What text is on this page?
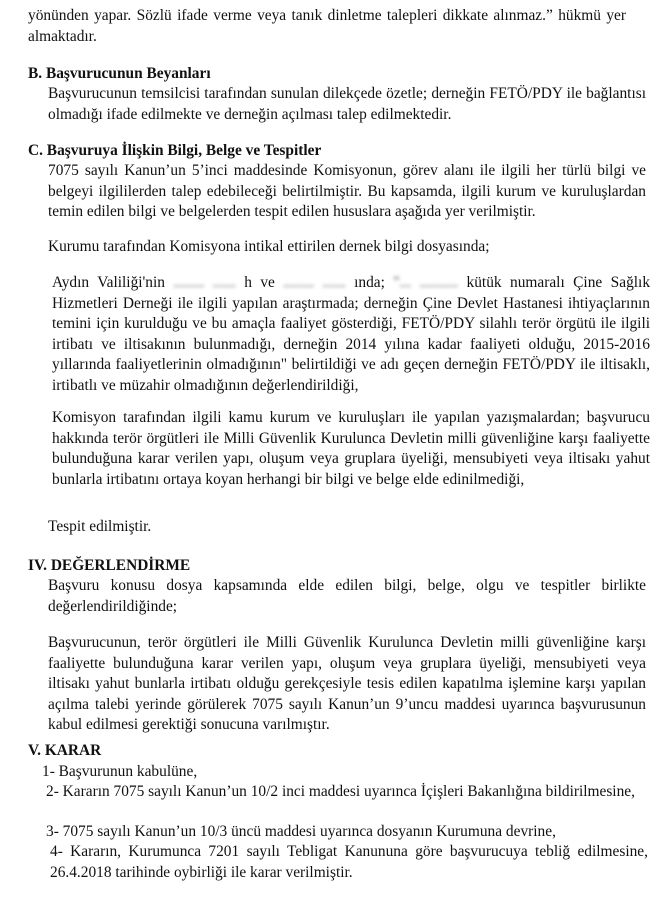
yönünden yapar. Sözlü ifade verme veya tanık dinletme talepleri dikkate alınmaz.” hükmü yer almaktadır.

B. Başvurucunun Beyanları

Başvurucunun temsilcisi tarafından sunulan dilekçede özetle; derneğin FETÖ/PDY ile bağlantısı olmadığı ifade edilmekte ve derneğin açılması talep edilmektedir.

C. Başvuruya İlişkin Bilgi, Belge ve Tespitler

7075 sayılı Kanun’un 5’inci maddesinde Komisyonun, görev alanı ile ilgili her türlü bilgi ve belgeyi ilgililerden talep edebileceği belirtilmiştir. Bu kapsamda, ilgili kurum ve kuruluşlardan temin edilen bilgi ve belgelerden tespit edilen hususlara aşağıda yer verilmiştir.

Kurumu tarafından Komisyona intikal ettirilen dernek bilgi dosyasında;

Aydın Valiliği'nin ........ ...... h ve ........ ...... ında; "... .......... kütük numaralı Çine Sağlık Hizmetleri Derneği ile ilgili yapılan araştırmada; derneğin Çine Devlet Hastanesi ihtiyaçlarının temini için kurulduğu ve bu amaçla faaliyet gösterdiği, FETÖ/PDY silahlı terör örgütü ile ilgili irtibatı ve iltisakının bulunmadığı, derneğin 2014 yılına kadar faaliyeti olduğu, 2015-2016 yıllarında faaliyetlerinin olmadığının" belirtildiği ve adı geçen derneğin FETÖ/PDY ile iltisaklı, irtibatlı ve müzahir olmadığının değerlendirildiği,

Komisyon tarafından ilgili kamu kurum ve kuruluşları ile yapılan yazışmalardan; başvurucu hakkında terör örgütleri ile Milli Güvenlik Kurulunca Devletin milli güvenliğine karşı faaliyette bulunduğuna karar verilen yapı, oluşum veya gruplara üyeliği, mensubiyeti veya iltisakı yahut bunlarla irtibatını ortaya koyan herhangi bir bilgi ve belge elde edinilmediği,

Tespit edilmiştir.

IV. DEĞERLENDİRME

Başvuru konusu dosya kapsamında elde edilen bilgi, belge, olgu ve tespitler birlikte değerlendirildiğinde;

Başvurucunun, terör örgütleri ile Milli Güvenlik Kurulunca Devletin milli güvenliğine karşı faaliyette bulunduğuna karar verilen yapı, oluşum veya gruplara üyeliği, mensubiyeti veya iltisakı yahut bunlarla irtibatı olduğu gerekçesiyle tesis edilen kapatılma işlemine karşı yapılan açılma talebi yerinde görülerek 7075 sayılı Kanun’un 9’uncu maddesi uyarınca başvurusunun kabul edilmesi gerektiği sonucuna varılmıştır.

V. KARAR

1- Başvurunun kabulüne,

2- Kararın 7075 sayılı Kanun’un 10/2 inci maddesi uyarınca İçişleri Bakanlığına bildirilmesine,

3- 7075 sayılı Kanun’un 10/3 üncü maddesi uyarınca dosyanın Kurumuna devrine,

4- Kararın, Kurumunca 7201 sayılı Tebligat Kanununa göre başvurucuya tebliğ edilmesine, 26.4.2018 tarihinde oybirliği ile karar verilmiştir.
